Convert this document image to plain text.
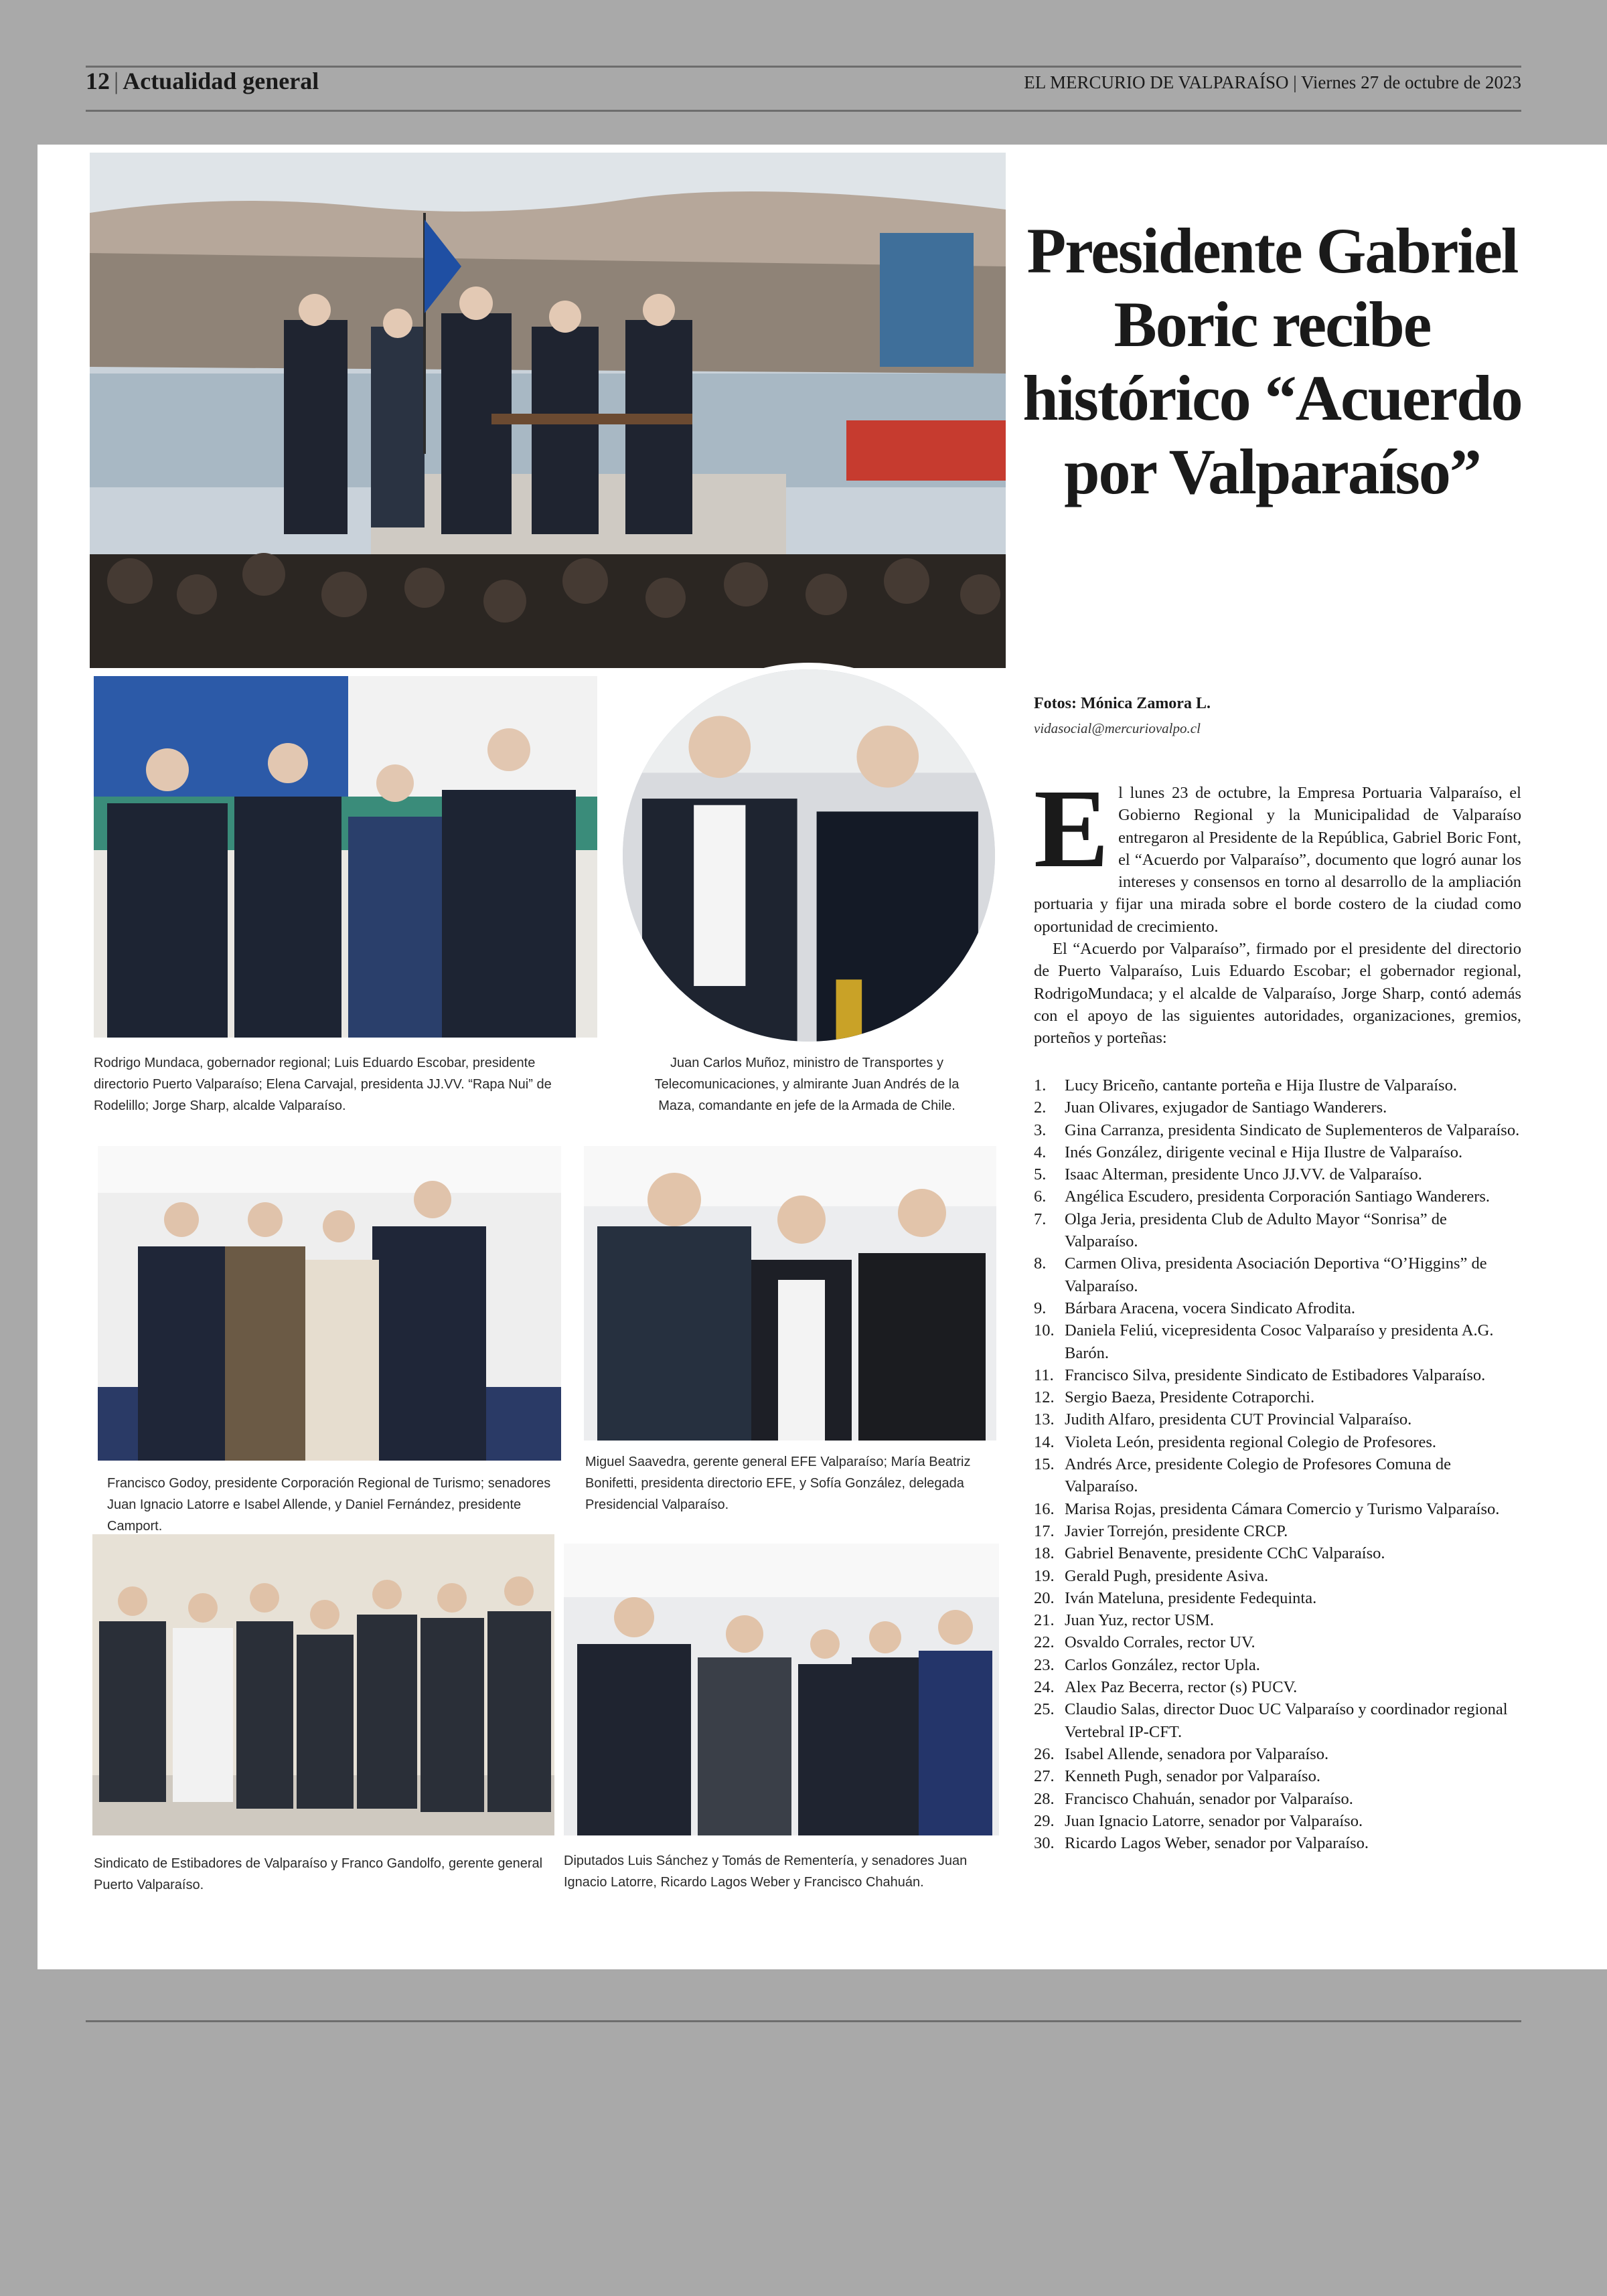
12 | Actualidad general	EL MERCURIO DE VALPARAÍSO | Viernes 27 de octubre de 2023
Presidente Gabriel Boric recibe histórico “Acuerdo por Valparaíso”
Fotos: Mónica Zamora L.
vidasocial@mercuriovalpo.cl

El lunes 23 de octubre, la Empresa Portuaria Valparaíso, el Gobierno Regional y la Municipalidad de Valparaíso entregaron al Presidente de la República, Gabriel Boric Font, el “Acuerdo por Valparaíso”, documento que logró aunar los intereses y consensos en torno al desarrollo de la ampliación portuaria y fijar una mirada sobre el borde costero de la ciudad como oportunidad de crecimiento.

El “Acuerdo por Valparaíso”, firmado por el presidente del directorio de Puerto Valparaíso, Luis Eduardo Escobar; el gobernador regional, RodrigoMundaca; y el alcalde de Valparaíso, Jorge Sharp, contó además con el apoyo de las siguientes autoridades, organizaciones, gremios, porteños y porteñas:

1. Lucy Briceño, cantante porteña e Hija Ilustre de Valparaíso.
2. Juan Olivares, exjugador de Santiago Wanderers.
3. Gina Carranza, presidenta Sindicato de Suplementeros de Valparaíso.
4. Inés González, dirigente vecinal e Hija Ilustre de Valparaíso.
5. Isaac Alterman, presidente Unco JJ.VV. de Valparaíso.
6. Angélica Escudero, presidenta Corporación Santiago Wanderers.
7. Olga Jeria, presidenta Club de Adulto Mayor “Sonrisa” de Valparaíso.
8. Carmen Oliva, presidenta Asociación Deportiva “O’Higgins” de Valparaíso.
9. Bárbara Aracena, vocera Sindicato Afrodita.
10. Daniela Feliú, vicepresidenta Cosoc Valparaíso y presidenta A.G. Barón.
11. Francisco Silva, presidente Sindicato de Estibadores Valparaíso.
12. Sergio Baeza, Presidente Cotraporchi.
13. Judith Alfaro, presidenta CUT Provincial Valparaíso.
14. Violeta León, presidenta regional Colegio de Profesores.
15. Andrés Arce, presidente Colegio de Profesores Comuna de Valparaíso.
16. Marisa Rojas, presidenta Cámara Comercio y Turismo Valparaíso.
17. Javier Torrejón, presidente CRCP.
18. Gabriel Benavente, presidente CChC Valparaíso.
19. Gerald Pugh, presidente Asiva.
20. Iván Mateluna, presidente Fedequinta.
21. Juan Yuz, rector USM.
22. Osvaldo Corrales, rector UV.
23. Carlos González, rector Upla.
24. Alex Paz Becerra, rector (s) PUCV.
25. Claudio Salas, director Duoc UC Valparaíso y coordinador regional Vertebral IP-CFT.
26. Isabel Allende, senadora por Valparaíso.
27. Kenneth Pugh, senador por Valparaíso.
28. Francisco Chahuán, senador por Valparaíso.
29. Juan Ignacio Latorre, senador por Valparaíso.
30. Ricardo Lagos Weber, senador por Valparaíso.
Rodrigo Mundaca, gobernador regional; Luis Eduardo Escobar, presidente directorio Puerto Valparaíso; Elena Carvajal, presidenta JJ.VV. “Rapa Nui” de Rodelillo; Jorge Sharp, alcalde Valparaíso.
Juan Carlos Muñoz, ministro de Transportes y Telecomunicaciones, y almirante Juan Andrés de la Maza, comandante en jefe de la Armada de Chile.
Francisco Godoy, presidente Corporación Regional de Turismo; senadores Juan Ignacio Latorre e Isabel Allende, y Daniel Fernández, presidente Camport.
Miguel Saavedra, gerente general EFE Valparaíso; María Beatriz Bonifetti, presidenta directorio EFE, y Sofía González, delegada Presidencial Valparaíso.
Sindicato de Estibadores de Valparaíso y Franco Gandolfo, gerente general Puerto Valparaíso.
Diputados Luis Sánchez y Tomás de Rementería, y senadores Juan Ignacio Latorre, Ricardo Lagos Weber y Francisco Chahuán.
